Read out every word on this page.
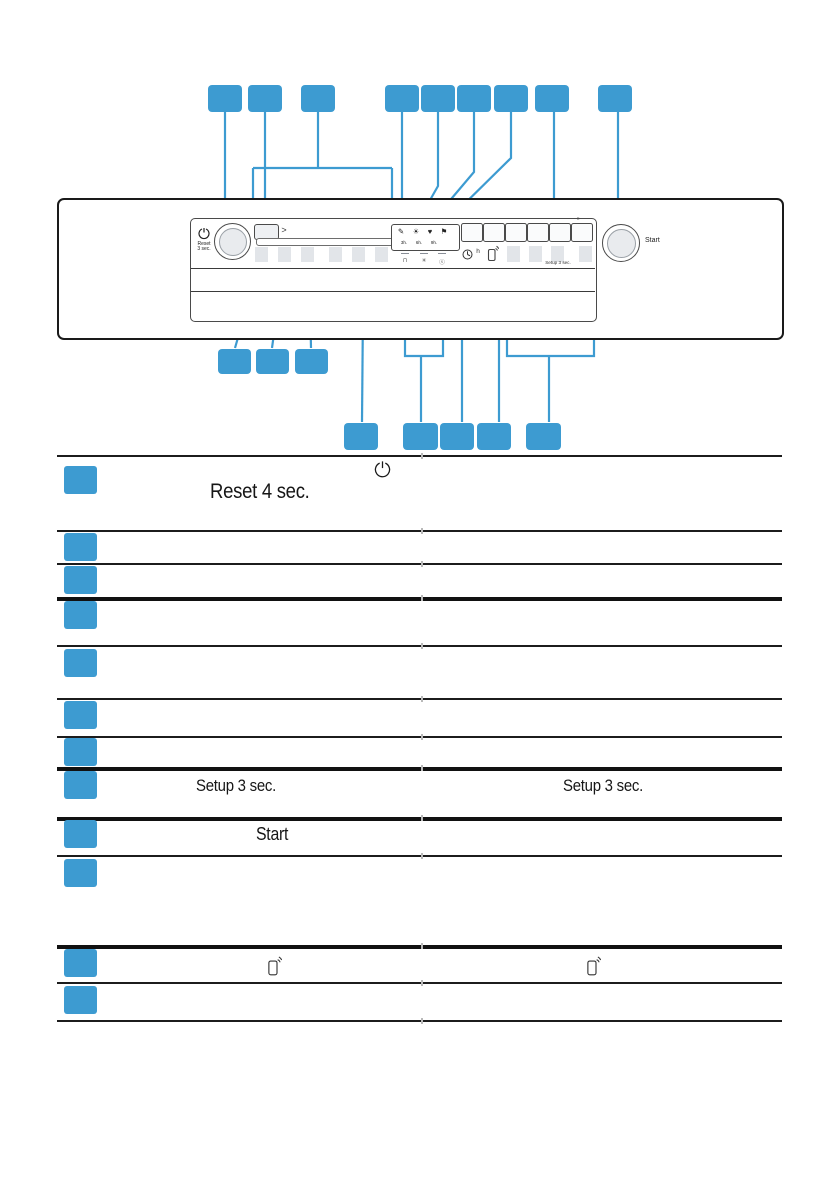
Reset
3 sec.
>	✎	☀	♥	⚑
3h.	6h.	9h.
⊓	✳	ⓢ
h
▹
Setup 3 sec.
Start
Reset 4 sec.
Setup 3 sec.	Setup 3 sec.
Start
